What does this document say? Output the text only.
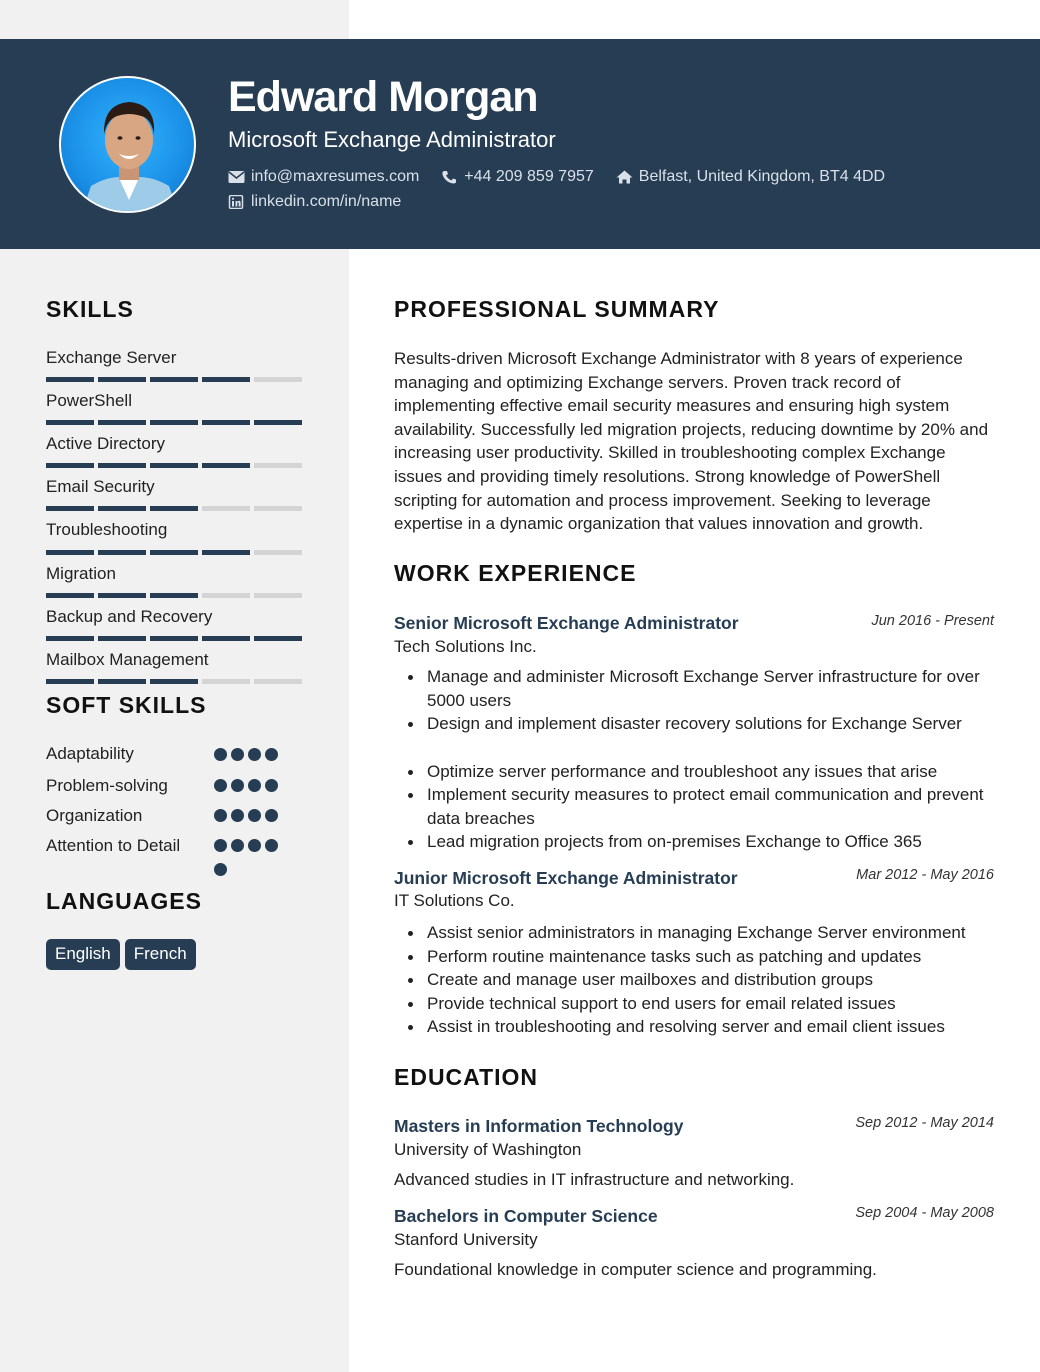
Edward Morgan
Microsoft Exchange Administrator
info@maxresumes.com	+44 209 859 7957	Belfast, United Kingdom, BT4 4DD
linkedin.com/in/name
SKILLS
Exchange Server
PowerShell
Active Directory
Email Security
Troubleshooting
Migration
Backup and Recovery
Mailbox Management
SOFT SKILLS
Adaptability
Problem-solving
Organization
Attention to Detail
LANGUAGES
English	French
PROFESSIONAL SUMMARY
Results-driven Microsoft Exchange Administrator with 8 years of experience managing and optimizing Exchange servers. Proven track record of implementing effective email security measures and ensuring high system availability. Successfully led migration projects, reducing downtime by 20% and increasing user productivity. Skilled in troubleshooting complex Exchange issues and providing timely resolutions. Strong knowledge of PowerShell scripting for automation and process improvement. Seeking to leverage expertise in a dynamic organization that values innovation and growth.
WORK EXPERIENCE
Senior Microsoft Exchange Administrator	Jun 2016 - Present
Tech Solutions Inc.
Manage and administer Microsoft Exchange Server infrastructure for over 5000 users
Design and implement disaster recovery solutions for Exchange Server
Optimize server performance and troubleshoot any issues that arise
Implement security measures to protect email communication and prevent data breaches
Lead migration projects from on-premises Exchange to Office 365
Junior Microsoft Exchange Administrator	Mar 2012 - May 2016
IT Solutions Co.
Assist senior administrators in managing Exchange Server environment
Perform routine maintenance tasks such as patching and updates
Create and manage user mailboxes and distribution groups
Provide technical support to end users for email related issues
Assist in troubleshooting and resolving server and email client issues
EDUCATION
Masters in Information Technology	Sep 2012 - May 2014
University of Washington
Advanced studies in IT infrastructure and networking.
Bachelors in Computer Science	Sep 2004 - May 2008
Stanford University
Foundational knowledge in computer science and programming.
